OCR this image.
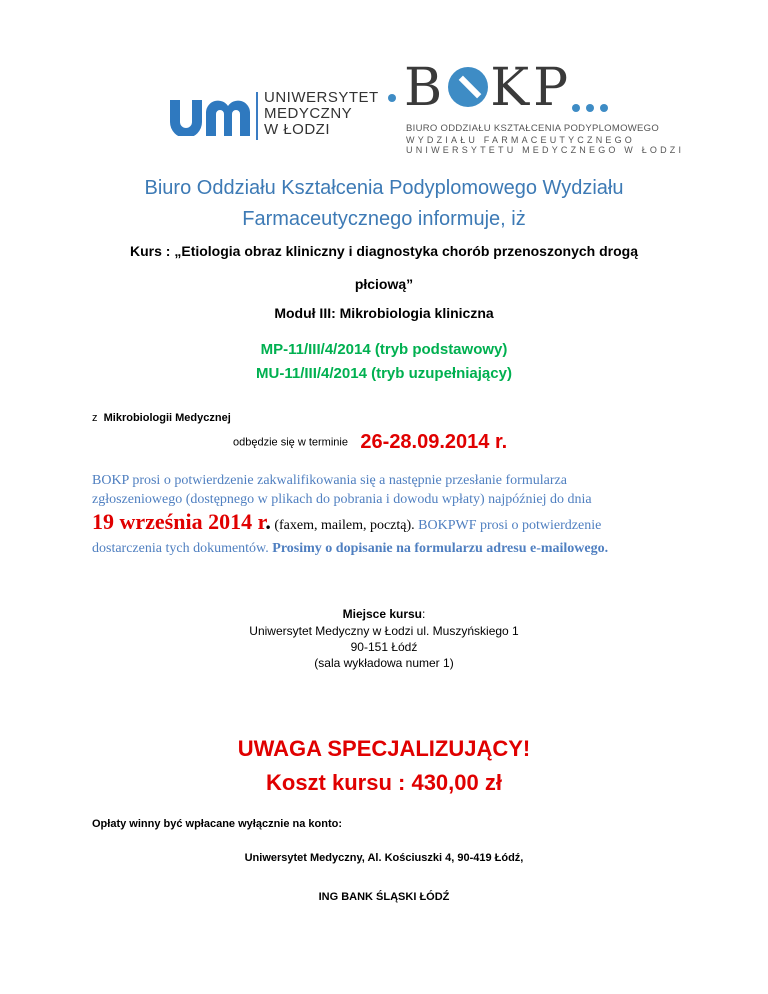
UNIWERSYTET
MEDYCZNY
W ŁODZI
B KP
BIURO ODDZIAŁU KSZTAŁCENIA PODYPLOMOWEGO
WYDZIAŁU FARMACEUTYCZNEGO
UNIWERSYTETU MEDYCZNEGO W ŁODZI
Biuro Oddziału Kształcenia Podyplomowego Wydziału
Farmaceutycznego informuje, iż
Kurs : „Etiologia obraz kliniczny i diagnostyka chorób przenoszonych drogą
płciową”
Moduł III: Mikrobiologia kliniczna
MP-11/III/4/2014 (tryb podstawowy)
MU-11/III/4/2014 (tryb uzupełniający)
z Mikrobiologii Medycznej
odbędzie się w terminie 26-28.09.2014 r.
BOKP prosi o potwierdzenie zakwalifikowania się a następnie przesłanie formularza
zgłoszeniowego (dostępnego w plikach do pobrania i dowodu wpłaty) najpóźniej do dnia
19 września 2014 r. (faxem, mailem, pocztą). BOKPWF prosi o potwierdzenie
dostarczenia tych dokumentów. Prosimy o dopisanie na formularzu adresu e-mailowego.
Miejsce kursu:
Uniwersytet Medyczny w Łodzi ul. Muszyńskiego 1
90-151 Łódź
(sala wykładowa numer 1)
UWAGA SPECJALIZUJĄCY!
Koszt kursu : 430,00 zł
Opłaty winny być wpłacane wyłącznie na konto:
Uniwersytet Medyczny, Al. Kościuszki 4, 90-419 Łódź,
ING BANK ŚLĄSKI ŁÓDŹ
